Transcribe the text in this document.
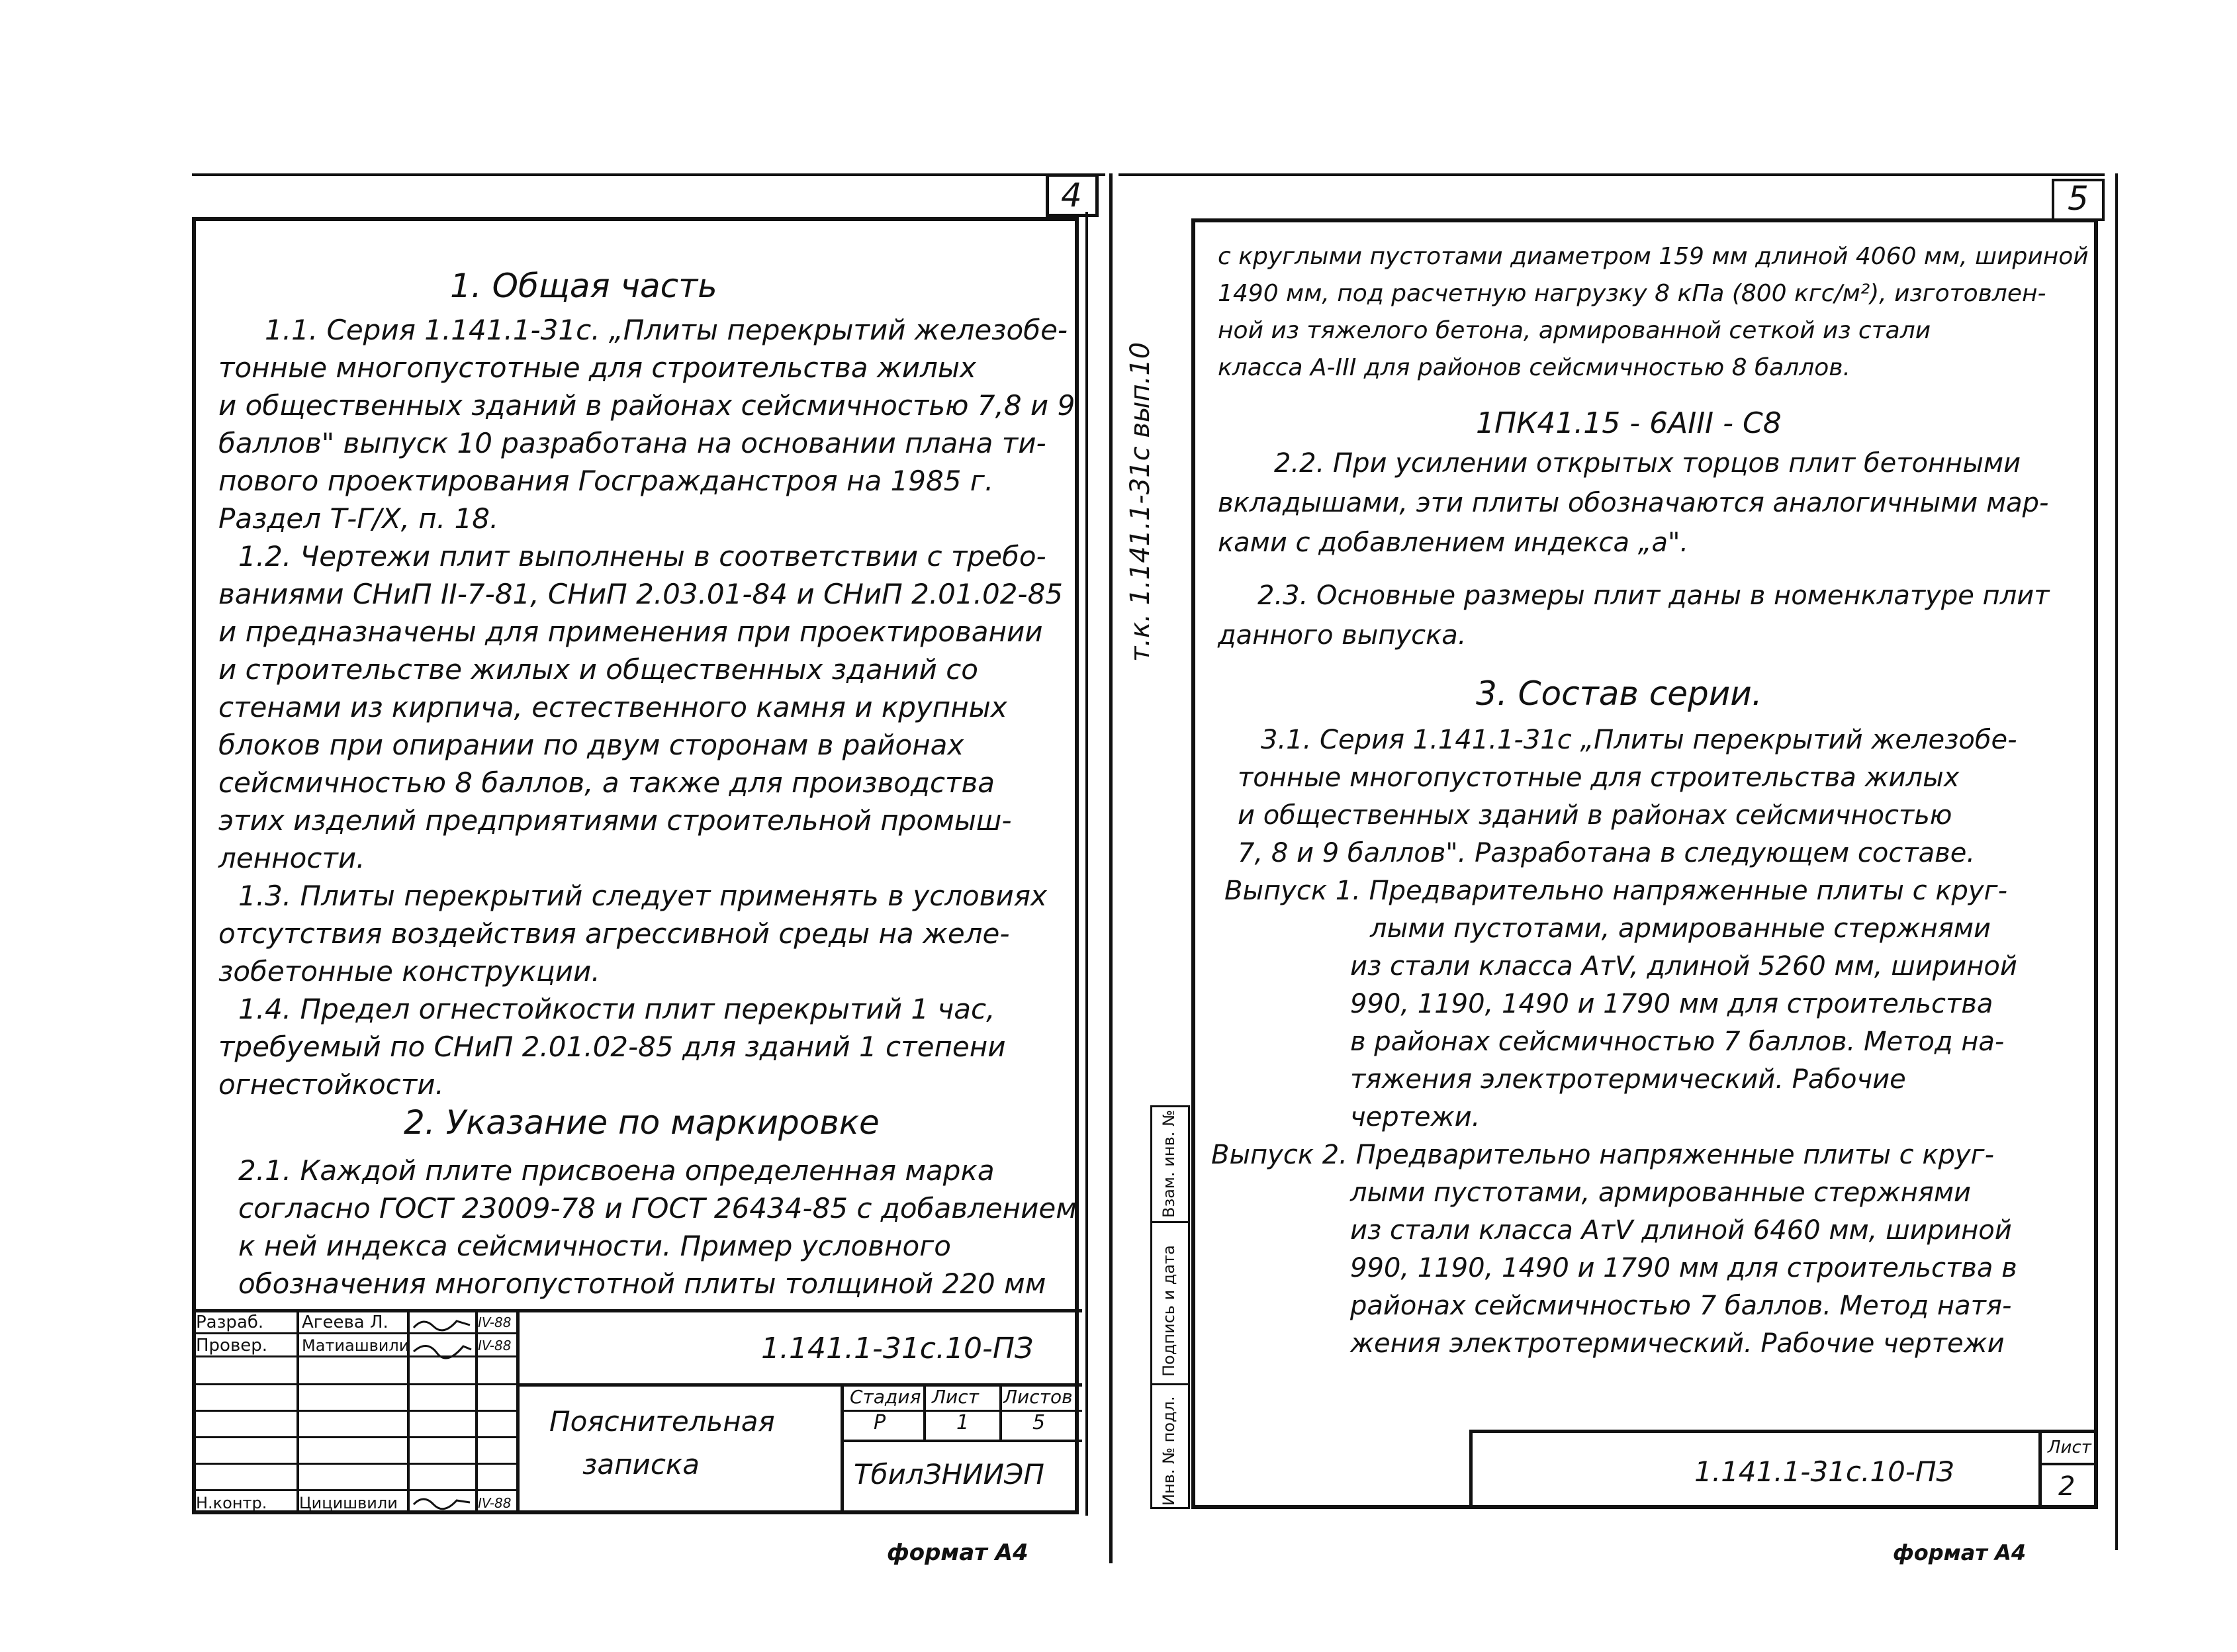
4
1. Общая часть
1.1. Серия 1.141.1-31с. „Плиты перекрытий железобе-
тонные многопустотные для строительства жилых
и общественных зданий в районах сейсмичностью 7,8 и 9
баллов" выпуск 10 разработана на основании плана ти-
пового проектирования Госгражданстроя на 1985 г.
Раздел Т-Г/Х, п. 18.
1.2. Чертежи плит выполнены в соответствии с требо-
ваниями СНиП II-7-81, СНиП 2.03.01-84 и СНиП 2.01.02-85
и предназначены для применения при проектировании
и строительстве жилых и общественных зданий со
стенами из кирпича, естественного камня и крупных
блоков при опирании по двум сторонам в районах
сейсмичностью 8 баллов, а также для производства
этих изделий предприятиями строительной промыш-
ленности.
1.3. Плиты перекрытий следует применять в условиях
отсутствия воздействия агрессивной среды на желе-
зобетонные конструкции.
1.4. Предел огнестойкости плит перекрытий 1 час,
требуемый по СНиП 2.01.02-85 для зданий 1 степени
огнестойкости.
2. Указание по маркировке
2.1. Каждой плите присвоена определенная марка
согласно ГОСТ 23009-78 и ГОСТ 26434-85 с добавлением
к ней индекса сейсмичности. Пример условного
обозначения многопустотной плиты толщиной 220 мм
Разраб. Агеева Л.	IV-88
Провер. Матиашвили	IV-88
Н.контр. Цицишвили	IV-88
1.141.1-31с.10-ПЗ
Пояснительная
записка
Стадия Лист Листов
Р	1	5
ТбилЗНИИЭП
формат А4
т.к. 1.141.1-31с вып.10
Инв. № подл.
Подпись и дата
Взам. инв. №
5
с круглыми пустотами диаметром 159 мм длиной 4060 мм, шириной
1490 мм, под расчетную нагрузку 8 кПа (800 кгс/м²), изготовлен-
ной из тяжелого бетона, армированной сеткой из стали
класса А-III для районов сейсмичностью 8 баллов.
1ПК41.15 - 6АIII - С8
2.2. При усилении открытых торцов плит бетонными
вкладышами, эти плиты обозначаются аналогичными мар-
ками с добавлением индекса „а".
2.3. Основные размеры плит даны в номенклатуре плит
данного выпуска.
3. Состав серии.
3.1. Серия 1.141.1-31с „Плиты перекрытий железобе-
тонные многопустотные для строительства жилых
и общественных зданий в районах сейсмичностью
7, 8 и 9 баллов". Разработана в следующем составе.
Выпуск 1. Предварительно напряженные плиты с круг-
лыми пустотами, армированные стержнями
из стали класса АтV, длиной 5260 мм, шириной
990, 1190, 1490 и 1790 мм для строительства
в районах сейсмичностью 7 баллов. Метод на-
тяжения электротермический. Рабочие
чертежи.
Выпуск 2. Предварительно напряженные плиты с круг-
лыми пустотами, армированные стержнями
из стали класса АтV длиной 6460 мм, шириной
990, 1190, 1490 и 1790 мм для строительства в
районах сейсмичностью 7 баллов. Метод натя-
жения электротермический. Рабочие чертежи
1.141.1-31с.10-ПЗ
Лист
2
формат А4
